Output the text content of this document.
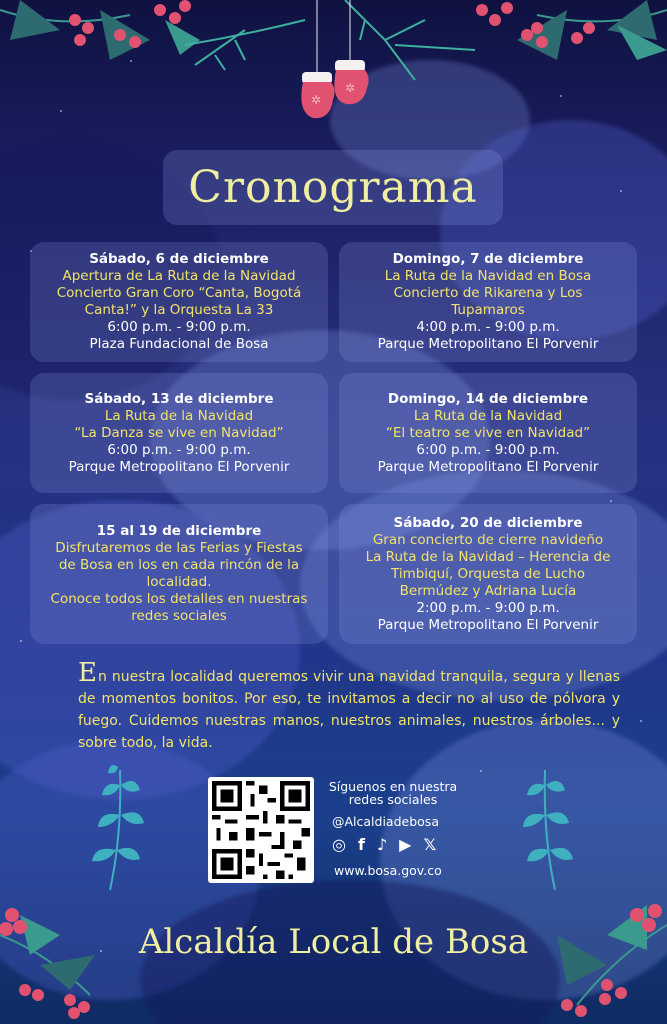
✲
✲
Cronograma
Sábado, 6 de diciembre
Apertura de La Ruta de la Navidad
Concierto Gran Coro “Canta, Bogotá
Canta!” y la Orquesta La 33
6:00 p.m. - 9:00 p.m.
Plaza Fundacional de Bosa
Domingo, 7 de diciembre
La Ruta de la Navidad en Bosa
Concierto de Rikarena y Los
Tupamaros
4:00 p.m. - 9:00 p.m.
Parque Metropolitano El Porvenir
Sábado, 13 de diciembre
La Ruta de la Navidad
“La Danza se vive en Navidad”
6:00 p.m. - 9:00 p.m.
Parque Metropolitano El Porvenir
Domingo, 14 de diciembre
La Ruta de la Navidad
“El teatro se vive en Navidad”
6:00 p.m. - 9:00 p.m.
Parque Metropolitano El Porvenir
15 al 19 de diciembre
Disfrutaremos de las Ferias y Fiestas
de Bosa en los en cada rincón de la
localidad.
Conoce todos los detalles en nuestras
redes sociales
Sábado, 20 de diciembre
Gran concierto de cierre navideño
La Ruta de la Navidad – Herencia de
Timbiquí, Orquesta de Lucho
Bermúdez y Adriana Lucía
2:00 p.m. - 9:00 p.m.
Parque Metropolitano El Porvenir
En nuestra localidad queremos vivir una navidad tranquila, segura y llenas de momentos bonitos. Por eso, te invitamos a decir no al uso de pólvora y fuego. Cuidemos nuestras manos, nuestros animales, nuestros árboles... y sobre todo, la vida.
Síguenos en nuestra
redes sociales
@Alcaldiadebosa
◎ f ♪ ▶ 𝕏
www.bosa.gov.co
Alcaldía Local de Bosa
